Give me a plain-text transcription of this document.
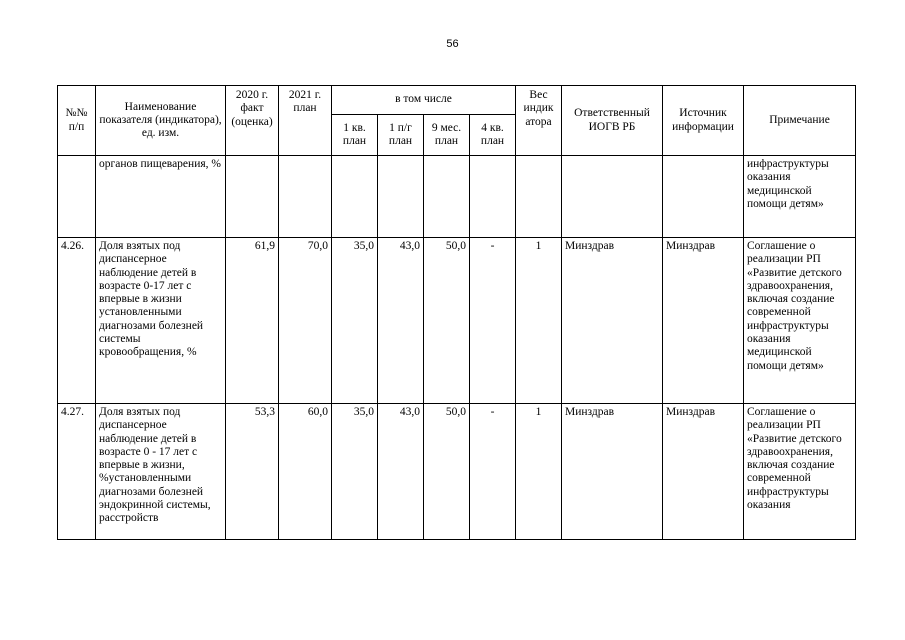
56
№№ п/п	Наименование показателя (индикатора), ед. изм.	2020 г. факт (оценка)	2021 г. план	в том числе				Вес индик атора	Ответственный ИОГВ РБ	Источник информации	Примечание
				1 кв. план	1 п/г план	9 мес. план	4 кв. план				
	органов пищеварения, %										инфраструктуры оказания медицинской помощи детям»
4.26.	Доля взятых под диспансерное наблюдение детей в возрасте 0-17 лет с впервые в жизни установленными диагнозами болезней системы кровообращения, %	61,9	70,0	35,0	43,0	50,0	-	1	Минздрав	Минздрав	Соглашение о реализации РП «Развитие детского здравоохранения, включая создание современной инфраструктуры оказания медицинской помощи детям»
4.27.	Доля взятых под диспансерное наблюдение детей в возрасте 0 - 17 лет с впервые в жизни, %установленными диагнозами болезней эндокринной системы, расстройств	53,3	60,0	35,0	43,0	50,0	-	1	Минздрав	Минздрав	Соглашение о реализации РП «Развитие детского здравоохранения, включая создание современной инфраструктуры оказания
